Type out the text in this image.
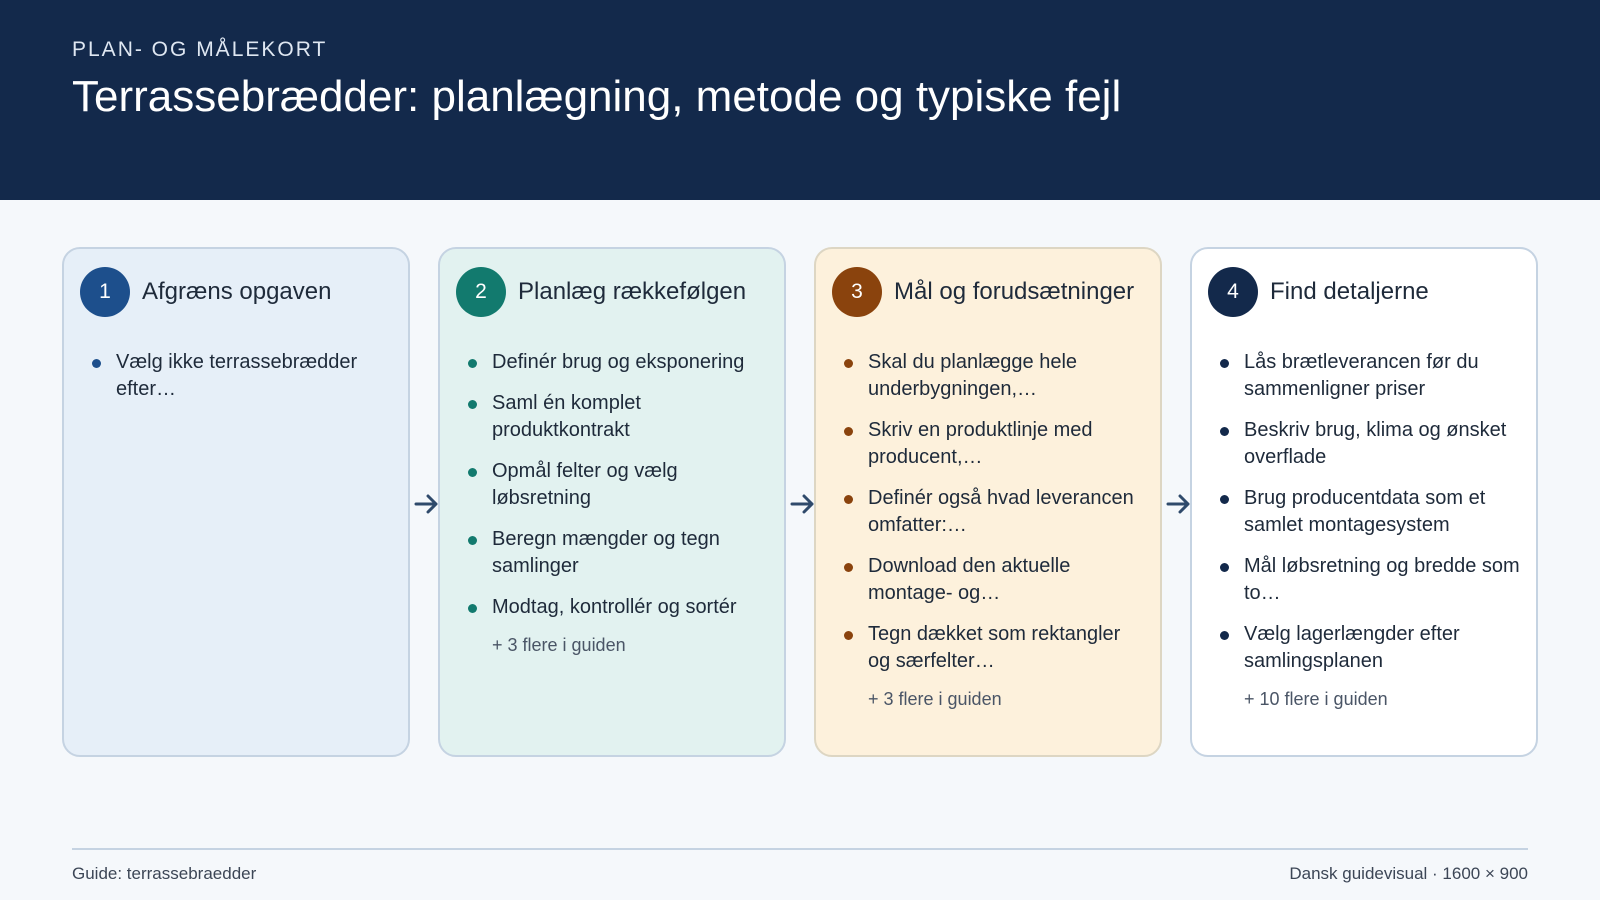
PLAN- OG MÅLEKORT
Terrassebrædder: planlægning, metode og typiske fejl
1	Afgræns opgaven
Vælg ikke terrassebrædder efter…
2	Planlæg rækkefølgen
Definér brug og eksponering
Saml én komplet produktkontrakt
Opmål felter og vælg løbsretning
Beregn mængder og tegn samlinger
Modtag, kontrollér og sortér
+ 3 flere i guiden
3	Mål og forudsætninger
Skal du planlægge hele underbygningen,…
Skriv en produktlinje med producent,…
Definér også hvad leverancen omfatter:…
Download den aktuelle montage- og…
Tegn dækket som rektangler og særfelter…
+ 3 flere i guiden
4	Find detaljerne
Lås brætleverancen før du sammenligner priser
Beskriv brug, klima og ønsket overflade
Brug producentdata som et samlet montagesystem
Mål løbsretning og bredde som to…
Vælg lagerlængder efter samlingsplanen
+ 10 flere i guiden
Guide: terrassebraedder	Dansk guidevisual · 1600 × 900
